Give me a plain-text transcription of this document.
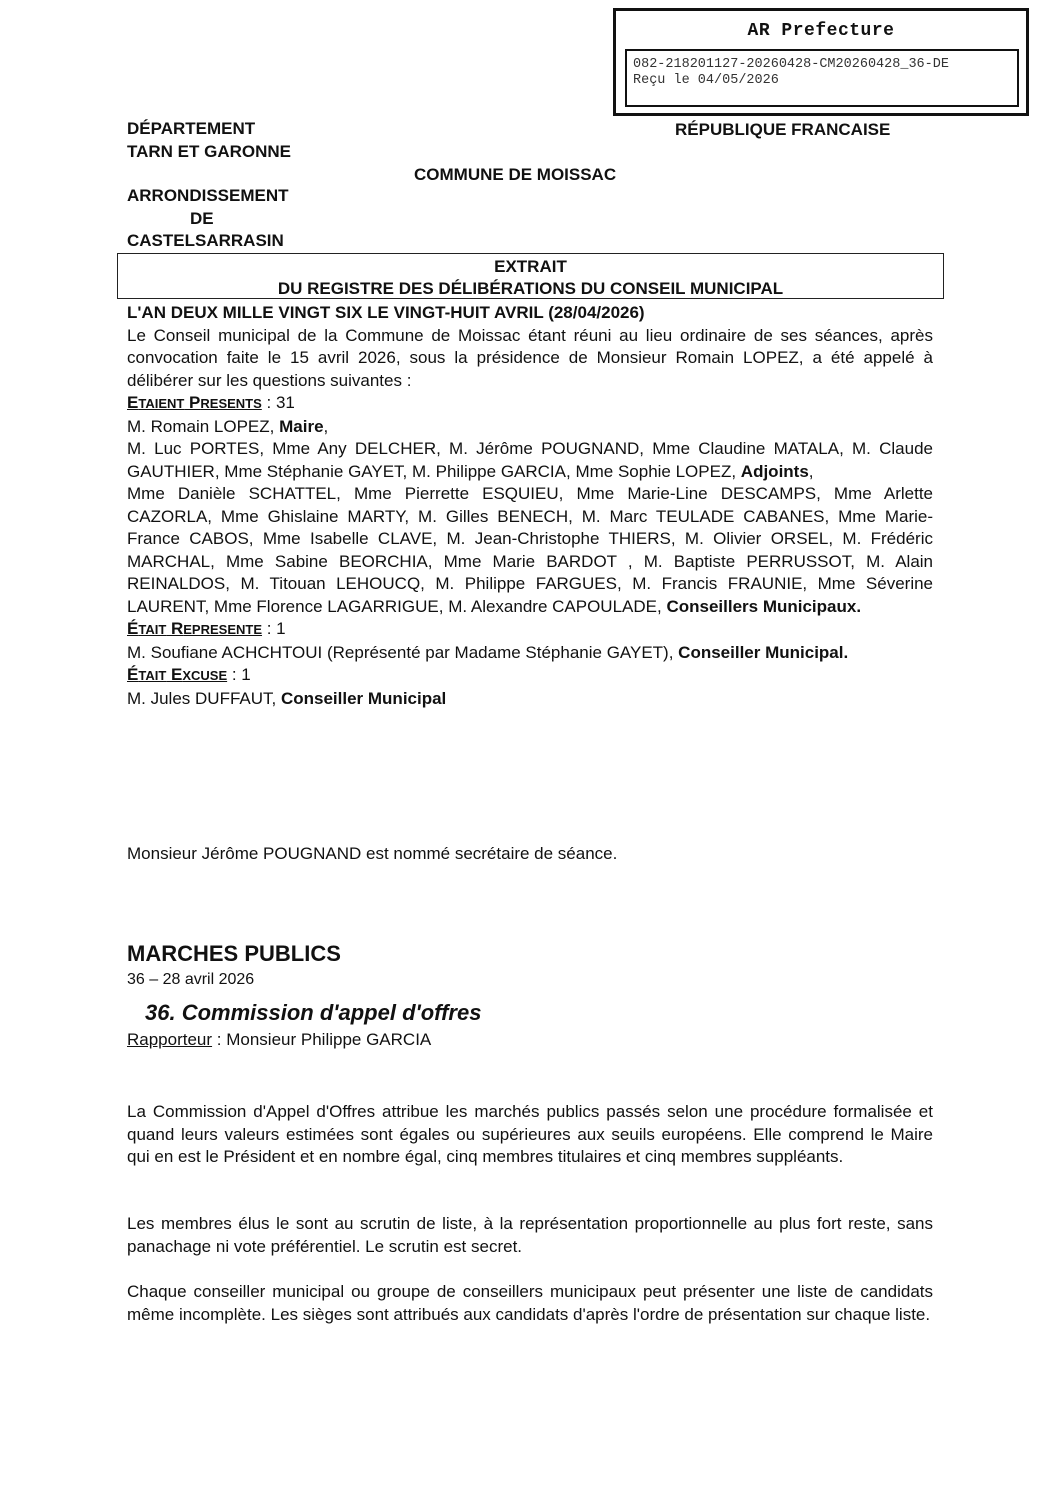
AR Prefecture
082-218201127-20260428-CM20260428_36-DE
Reçu le 04/05/2026
DÉPARTEMENT
TARN ET GARONNE
RÉPUBLIQUE FRANCAISE
COMMUNE DE MOISSAC
ARRONDISSEMENT
DE
CASTELSARRASIN
EXTRAIT
DU REGISTRE DES DÉLIBÉRATIONS DU CONSEIL MUNICIPAL

L'AN DEUX MILLE VINGT SIX LE VINGT-HUIT AVRIL (28/04/2026)

Le Conseil municipal de la Commune de Moissac étant réuni au lieu ordinaire de ses séances, après convocation faite le 15 avril 2026, sous la présidence de Monsieur Romain LOPEZ, a été appelé à délibérer sur les questions suivantes :

ETAIENT PRESENTS : 31

M. Romain LOPEZ, Maire,

M. Luc PORTES, Mme Any DELCHER, M. Jérôme POUGNAND, Mme Claudine MATALA, M. Claude GAUTHIER, Mme Stéphanie GAYET, M. Philippe GARCIA, Mme Sophie LOPEZ, Adjoints,

Mme Danièle SCHATTEL, Mme Pierrette ESQUIEU, Mme Marie-Line DESCAMPS, Mme Arlette CAZORLA, Mme Ghislaine MARTY, M. Gilles BENECH, M. Marc TEULADE CABANES, Mme Marie-France CABOS, Mme Isabelle CLAVE, M. Jean-Christophe THIERS, M. Olivier ORSEL, M. Frédéric MARCHAL, Mme Sabine BEORCHIA, Mme Marie BARDOT , M. Baptiste PERRUSSOT, M. Alain REINALDOS, M. Titouan LEHOUCQ, M. Philippe FARGUES, M. Francis FRAUNIE, Mme Séverine LAURENT, Mme Florence LAGARRIGUE, M. Alexandre CAPOULADE, Conseillers Municipaux.

ÉTAIT REPRESENTE : 1

M. Soufiane ACHCHTOUI (Représenté par Madame Stéphanie GAYET), Conseiller Municipal.

ÉTAIT EXCUSE : 1

M. Jules DUFFAUT, Conseiller Municipal

Monsieur Jérôme POUGNAND est nommé secrétaire de séance.
MARCHES PUBLICS
36 – 28 avril 2026
36. Commission d'appel d'offres
Rapporteur : Monsieur Philippe GARCIA
La Commission d'Appel d'Offres attribue les marchés publics passés selon une procédure formalisée et quand leurs valeurs estimées sont égales ou supérieures aux seuils européens. Elle comprend le Maire qui en est le Président et en nombre égal, cinq membres titulaires et cinq membres suppléants.
Les membres élus le sont au scrutin de liste, à la représentation proportionnelle au plus fort reste, sans panachage ni vote préférentiel. Le scrutin est secret.
Chaque conseiller municipal ou groupe de conseillers municipaux peut présenter une liste de candidats même incomplète. Les sièges sont attribués aux candidats d'après l'ordre de présentation sur chaque liste.
